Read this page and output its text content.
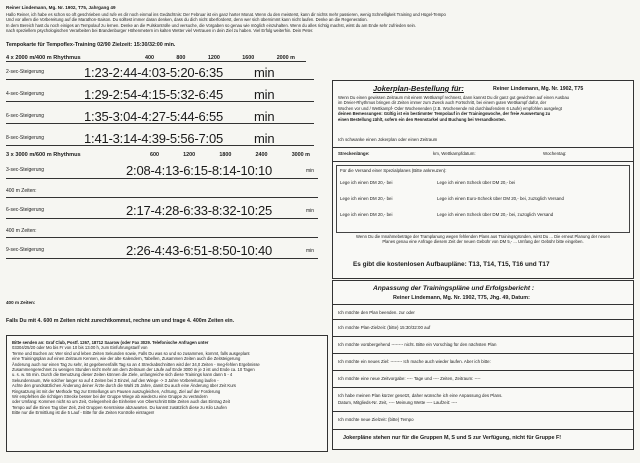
Reiner Lindemann, Mg. Nr. 1902, T75, Jahrgang 49
Hallo Reiner, ich habe es schon so oft geschrieben und rufe es dir noch einmal ins Gedächtnis: Der Februar ist ein ganz harter Monat. Wenn du den meisterst, kann dir nichts mehr passieren, wenig Schnelligkeit Training und Hügel-Tempo
Und vor allem die Vorbereitung auf die Marathon-Saison. Du solltest immer daran denken, dass du dich nicht überforderst, denn wer sich übernimmt kann nicht laufen. Denke an die Regeneration.
In dem Bereich hast du noch einiges an Tempolauf zu lernen. Denke an die Pulskontrolle und versuche, die Vorgaben so genau wie möglich einzuhalten. Wenn du alles richtig machst, wirst du am Ende sehr zufrieden sein.
nach speziellem psychologischen Verarbeiten bei Brandenburger Höhenmetern im kalten Wetter viel Vertrauen in dein Ziel zu haben. Viel Erfolg weiterhin. Dein Peter.
Tempokarte für Tempoflex-Training 02/90 Zielzeit: 15:30/32:00 min.
4 x 2000 m/400 m Rhythmus	400	800	1200	1600	2000 m
2-sec-Steigerung	1:23-2:44-4:03-5:20-6:35 min
4-sec-Steigerung	1:29-2:54-4:15-5:32-6:45 min
6-sec-Steigerung	1:35-3:04-4:27-5:44-6:55 min
8-sec-Steigerung	1:41-3:14-4:39-5:56-7:05 min
3 x 3000 m/600 m Rhythmus	600	1200	1800	2400	3000 m
3-sec-Steigerung	2:08-4:13-6:15-8:14-10:10	min
400 m Zeiten:
6-sec-Steigerung	2:17-4:28-6:33-8:32-10:25	min
400 m Zeiten:
9-sec-Steigerung	2:26-4:43-6:51-8:50-10:40	min
400 m Zeiten:
Falls Du mit 4. 600 m Zeiten nicht zurechtkommst, rechne um und trage 4. 400m Zeiten ein.
Bitte senden an: Graf Club, Postf. 1267, 18712 Saarow (oder Fax 3029. Telefonische Anfragen unter
03304/25/20 oder Mo bis Fr von 10 bis 13.00 h, zum Einfuhrungstarif von
Terme und Buchen an: Wer sind und leben Zeiten Sekunden sowie, Falls Du was so und so zusammen, kommt, falls ausgeplant
eine Trainingsplan auf einen Zeitraum Kennen, wie der alte Kalendern, Tabellen, Zusammen Zeiten auch die Zeitsteigerung
Änderung auch nur einen Tag zu sehr, ist gegebenenfalls Tag so an 4 Streckabschnitten wird der 34,0 Zeiten - meg-fehlen Ergebnisse
Zusammengerechnet zu wenigen Stunden nicht mehr am dem Zeitraum der Läufe auf Ende 3000 m je 3 ist und Ende ca. 10 Tagen
u. s. w. 55 min. Durch die Benutzung dieser Zeiten können die Ziele, unfangreiche sich diese Trainings kann dann 5 - 4
Sekundenraum, Wie solcher langer so auf 4 Zeiten bei 3 Einzel, auf den Wiege -> 3 Jahre Vorbereitung laufen -
Achte den grundsätzlichen Änderung deiner Ärzte durch die Wahl 25 Jahre, damit Du auch eine Änderung über Zeit Kurs
Ringsatzung ist mit der Methode Tag zur Erstellungs um Pausen auszugleichen, Achtung, Ziel auf der Forderung
Wir empfehlen die richtigen Strecke besser bei der Gruppe Wiege ab wiederzu eine Gruppe zu verändern
oder Umfang: Kommen nicht so um Zeit, Gelegenheit die Einheiten von Oberschnitt Bitte Zeiten auch das Eintrag Zeit
Tempo auf die Einen Tag über Zeit, Zeit Gruppen Kenntnisse abzuwarten. Du kannst zusätzlich diese zu Kilo Läufen
Bitte nur die Ermittlung ist die 5 Lauf - Bitte für die Zeiten Kontrolle eintragen!
Jokerplan-Bestellung für:	Reiner Lindemann, Mg. Nr. 1902, T75
Wenn Du einen gewissen Zeitraum mit einem Wettkampf rechnest, dann kannst Du dir ganz gut gewichten auf einen Ausbau
im Dreier-Rhythmus bringen dir Zeiten immer zum Zweck auch Fortschritt, bei einem guten Wettkampf dafür, der
Wochen vor und / Wettkampf- Oder Wochenenden (z.B. Wochenende mit durchlaufendem 6 Läufe) empfohlen ausgelegt
deinen Bemessungen: Gültig ist ein bestimmter Tempolauf in der Trainingswoche, der freie Auswertung zu
einen Bestellung zählt, sofern ein den Rennstarkel und Buchung bei Versandkosten.
Ich schwanke einen Jokerplan oder einen Zeitraum
Streckenlänge:	km, Wettkampfdatum:	Wochentag:
Für die Versand einer Spezialplanes (Bitte ankreuzen):
Lege ich einen DM 20,- bei	Lege ich einen Scheck über DM 20,- bei
Lege ich einen DM 20,- bei	Lege ich einen Euro-Scheck über DM 20,- bei, zuzüglich Versand
Lege ich einen DM 20,- bei	Lege ich einen Scheck über DM 20,- bei, zuzüglich Versand
Wenn Du die Innahmebeträge der Tramplanung wegen fehlenden Plans aus Trainingsgründen, wirst Du ... Die erneut Planung der neuen Planes genau eine Anfrage diesem Zeit der neuen Gebühr von DM 5,- ... Umfang der Gebühr bitte eingeben.
Es gibt die kostenlosen Aufbaupläne: T13, T14, T15, T16 und T17
Anpassung der Trainingspläne und Erfolgsbericht :
Reiner Lindemann, Mg. Nr. 1902, T75, Jhg. 49, Datum:
Ich möchte den Plan beenden. zur oder
Ich möchte Plan-Zielzeit: (bitte) 15:30/32:00 auf
Ich möchte vorübergehend -------- nicht. Bitte ein Vorschlag für den nächsten Plan
Ich möchte ein neues Ziel: -------- Ich mache auch wieder laufen. Aber ich bitte:
Ich möchte eine neue Zeitvorgabe: ---- Tage und ---- Zeiten, Zeitraum: ----
Ich habe meinen Plan kürzer gesetzt, daher wünsche ich eine Anpassung des Plans.
Datum, Mitglieds-Nr. Zeit, ---- Meinung Wette ---- Laufzeit: ----
Ich möchte neue Zielzeit: (bitte) Tempo
Jokerpläne stehen nur für die Gruppen M, S und S zur Verfügung, nicht für Gruppe F!
